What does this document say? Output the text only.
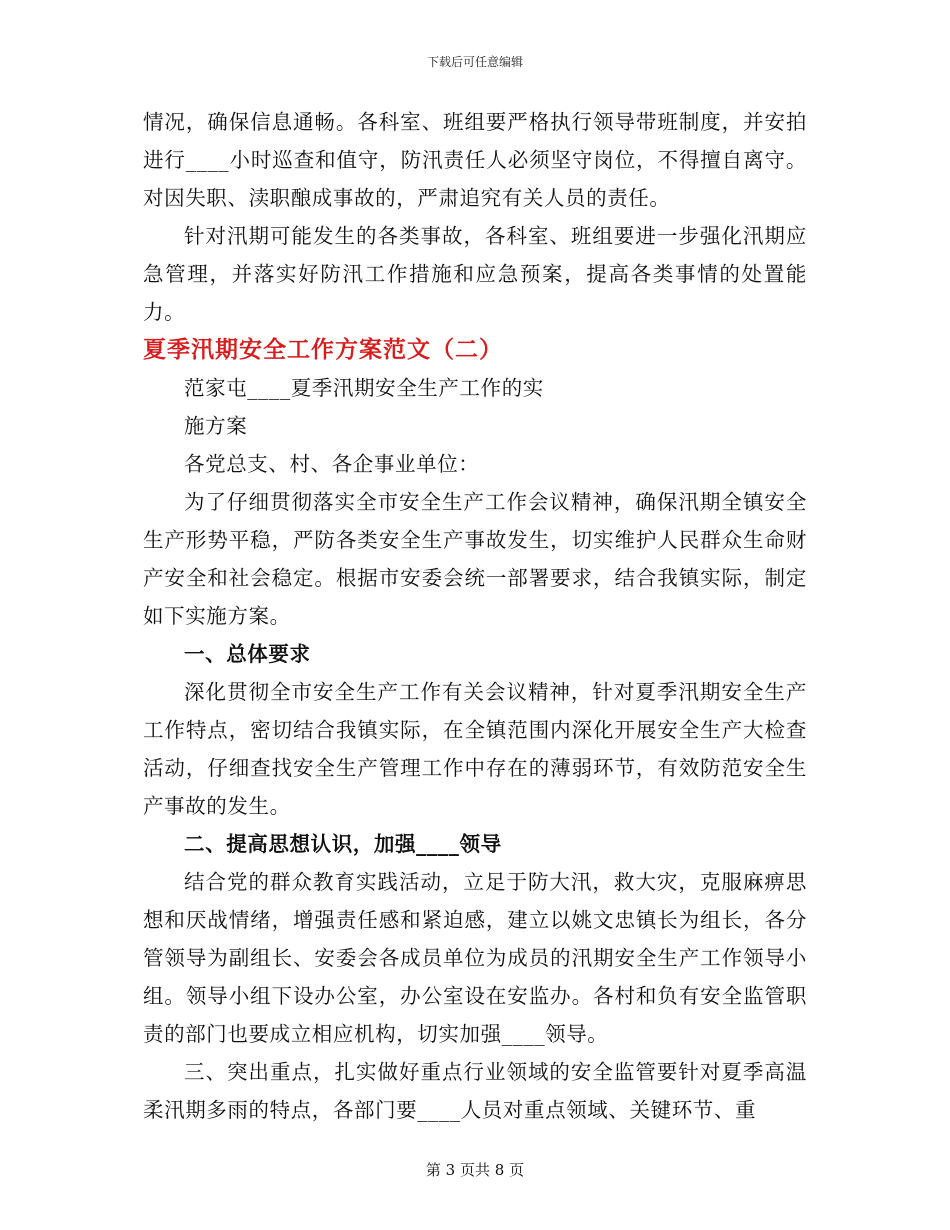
下载后可任意编辑

情况，确保信息通畅。各科室、班组要严格执行领导带班制度，并安拍进行____小时巡查和值守，防汛责任人必须坚守岗位，不得擅自离守。对因失职、渎职酿成事故的，严肃追究有关人员的责任。

针对汛期可能发生的各类事故，各科室、班组要进一步强化汛期应急管理，并落实好防汛工作措施和应急预案，提高各类事情的处置能力。

夏季汛期安全工作方案范文（二）

范家屯____夏季汛期安全生产工作的实

施方案

各党总支、村、各企事业单位：

为了仔细贯彻落实全市安全生产工作会议精神，确保汛期全镇安全生产形势平稳，严防各类安全生产事故发生，切实维护人民群众生命财产安全和社会稳定。根据市安委会统一部署要求，结合我镇实际，制定如下实施方案。

一、总体要求

深化贯彻全市安全生产工作有关会议精神，针对夏季汛期安全生产工作特点，密切结合我镇实际，在全镇范围内深化开展安全生产大检查活动，仔细查找安全生产管理工作中存在的薄弱环节，有效防范安全生产事故的发生。

二、提高思想认识，加强____领导

结合党的群众教育实践活动，立足于防大汛，救大灾，克服麻痹思想和厌战情绪，增强责任感和紧迫感，建立以姚文忠镇长为组长，各分管领导为副组长、安委会各成员单位为成员的汛期安全生产工作领导小组。领导小组下设办公室，办公室设在安监办。各村和负有安全监管职责的部门也要成立相应机构，切实加强____领导。

三、突出重点，扎实做好重点行业领域的安全监管要针对夏季高温柔汛期多雨的特点，各部门要____人员对重点领域、关键环节、重

第 3 页共 8 页
